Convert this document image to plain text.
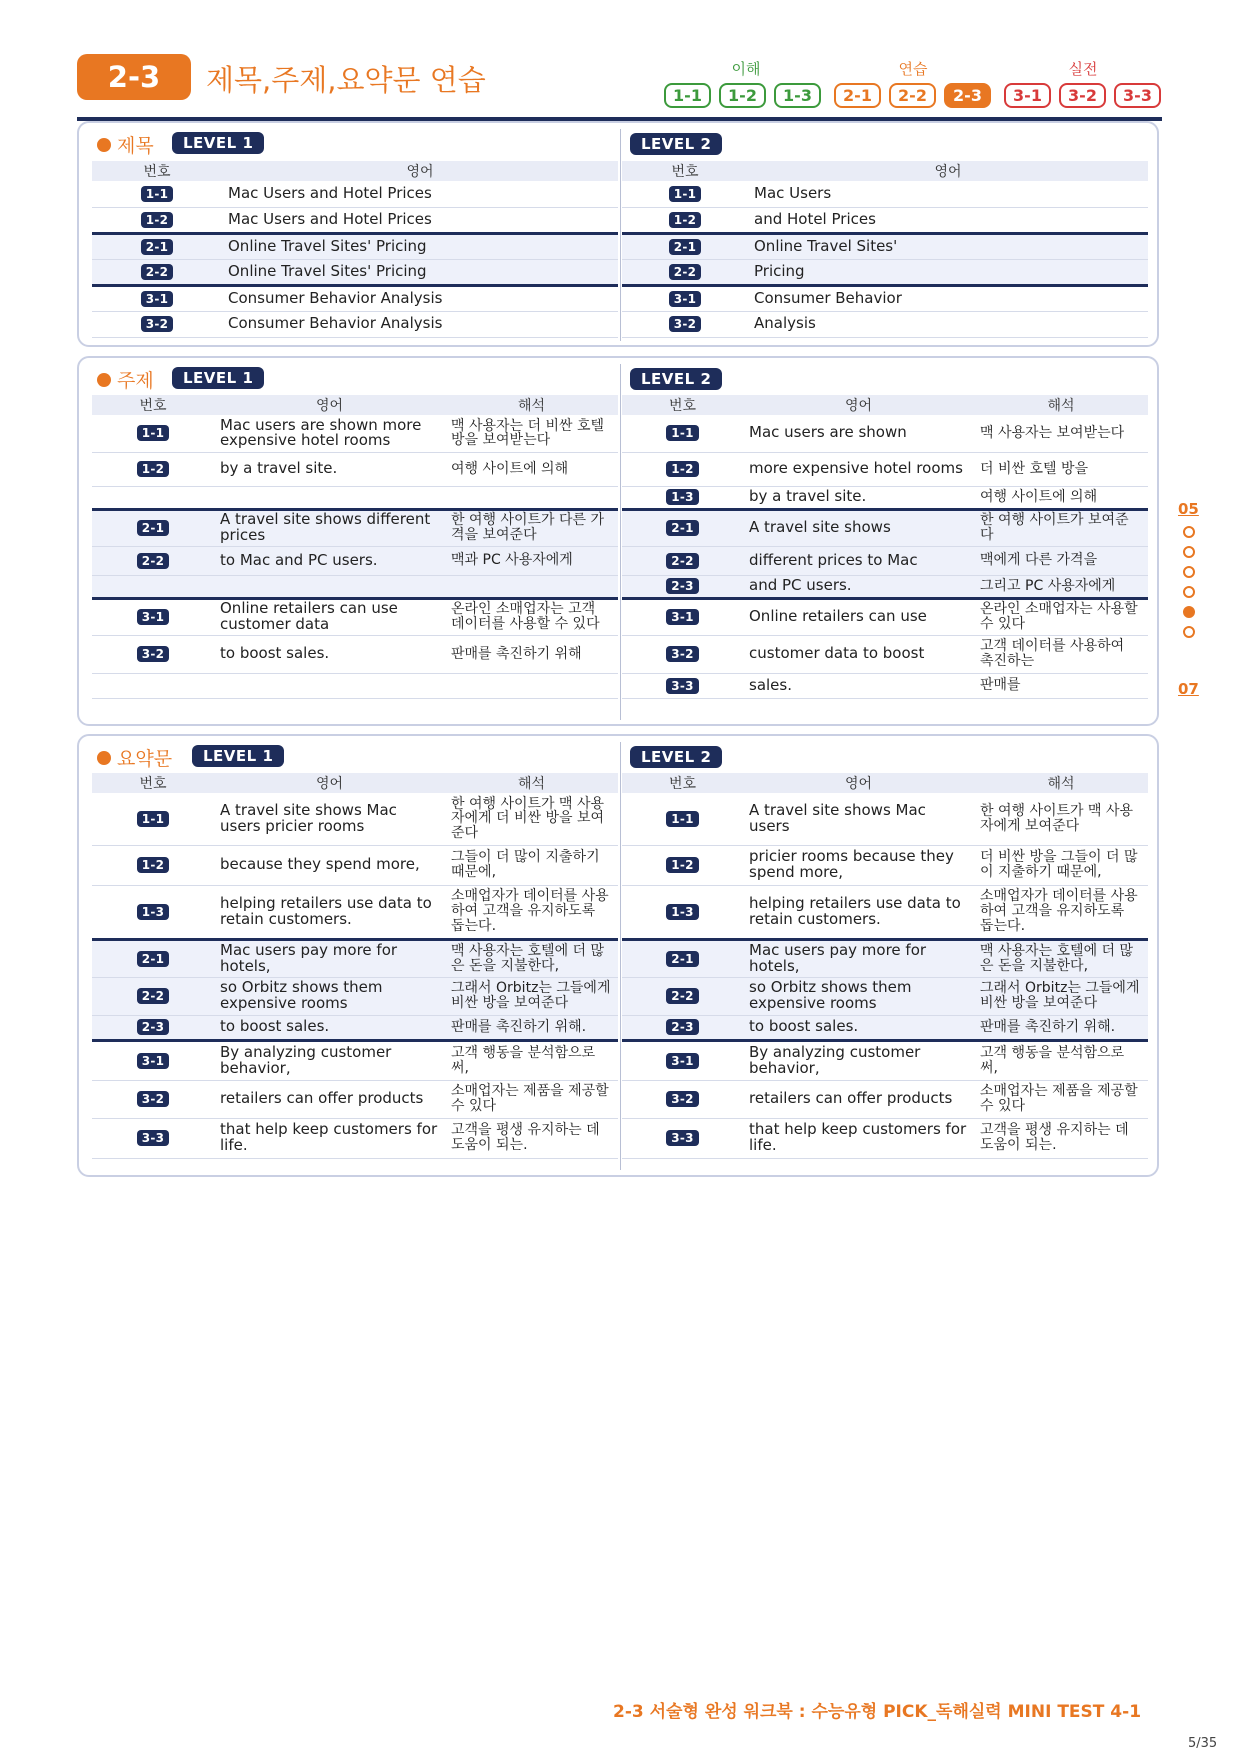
2-3	제목,주제,요약문 연습	이해	연습	실전
1-1	1-2	1-3	2-1	2-2	2-3	3-1	3-2	3-3
제목	LEVEL 1	LEVEL 2
번호	영어
1-1	Mac Users and Hotel Prices
1-2	Mac Users and Hotel Prices
2-1	Online Travel Sites' Pricing
2-2	Online Travel Sites' Pricing
3-1	Consumer Behavior Analysis
3-2	Consumer Behavior Analysis
번호	영어
1-1	Mac Users
1-2	and Hotel Prices
2-1	Online Travel Sites'
2-2	Pricing
3-1	Consumer Behavior
3-2	Analysis
주제	LEVEL 1	LEVEL 2
번호	영어	해석
1-1	Mac users are shown more expensive hotel rooms	맥 사용자는 더 비싼 호텔 방을 보여받는다
1-2	by a travel site.	여행 사이트에 의해

2-1	A travel site shows different prices	한 여행 사이트가 다른 가격을 보여준다
2-2	to Mac and PC users.	맥과 PC 사용자에게

3-1	Online retailers can use customer data	온라인 소매업자는 고객 데이터를 사용할 수 있다
3-2	to boost sales.	판매를 촉진하기 위해

번호	영어	해석
1-1	Mac users are shown	맥 사용자는 보여받는다
1-2	more expensive hotel rooms	더 비싼 호텔 방을
1-3	by a travel site.	여행 사이트에 의해
2-1	A travel site shows	한 여행 사이트가 보여준다
2-2	different prices to Mac	맥에게 다른 가격을
2-3	and PC users.	그리고 PC 사용자에게
3-1	Online retailers can use	온라인 소매업자는 사용할 수 있다
3-2	customer data to boost	고객 데이터를 사용하여 촉진하는
3-3	sales.	판매를
요약문	LEVEL 1	LEVEL 2
번호	영어	해석
1-1	A travel site shows Mac users pricier rooms	한 여행 사이트가 맥 사용자에게 더 비싼 방을 보여준다
1-2	because they spend more,	그들이 더 많이 지출하기 때문에,
1-3	helping retailers use data to retain customers.	소매업자가 데이터를 사용하여 고객을 유지하도록 돕는다.
2-1	Mac users pay more for hotels,	맥 사용자는 호텔에 더 많은 돈을 지불한다,
2-2	so Orbitz shows them expensive rooms	그래서 Orbitz는 그들에게 비싼 방을 보여준다
2-3	to boost sales.	판매를 촉진하기 위해.
3-1	By analyzing customer behavior,	고객 행동을 분석함으로써,
3-2	retailers can offer products	소매업자는 제품을 제공할 수 있다
3-3	that help keep customers for life.	고객을 평생 유지하는 데 도움이 되는.
번호	영어	해석
1-1	A travel site shows Mac users	한 여행 사이트가 맥 사용자에게 보여준다
1-2	pricier rooms because they spend more,	더 비싼 방을 그들이 더 많이 지출하기 때문에,
1-3	helping retailers use data to retain customers.	소매업자가 데이터를 사용하여 고객을 유지하도록 돕는다.
2-1	Mac users pay more for hotels,	맥 사용자는 호텔에 더 많은 돈을 지불한다,
2-2	so Orbitz shows them expensive rooms	그래서 Orbitz는 그들에게 비싼 방을 보여준다
2-3	to boost sales.	판매를 촉진하기 위해.
3-1	By analyzing customer behavior,	고객 행동을 분석함으로써,
3-2	retailers can offer products	소매업자는 제품을 제공할 수 있다
3-3	that help keep customers for life.	고객을 평생 유지하는 데 도움이 되는.
05
07
2-3 서술형 완성 워크북 : 수능유형 PICK_독해실력 MINI TEST 4-1
5/35
